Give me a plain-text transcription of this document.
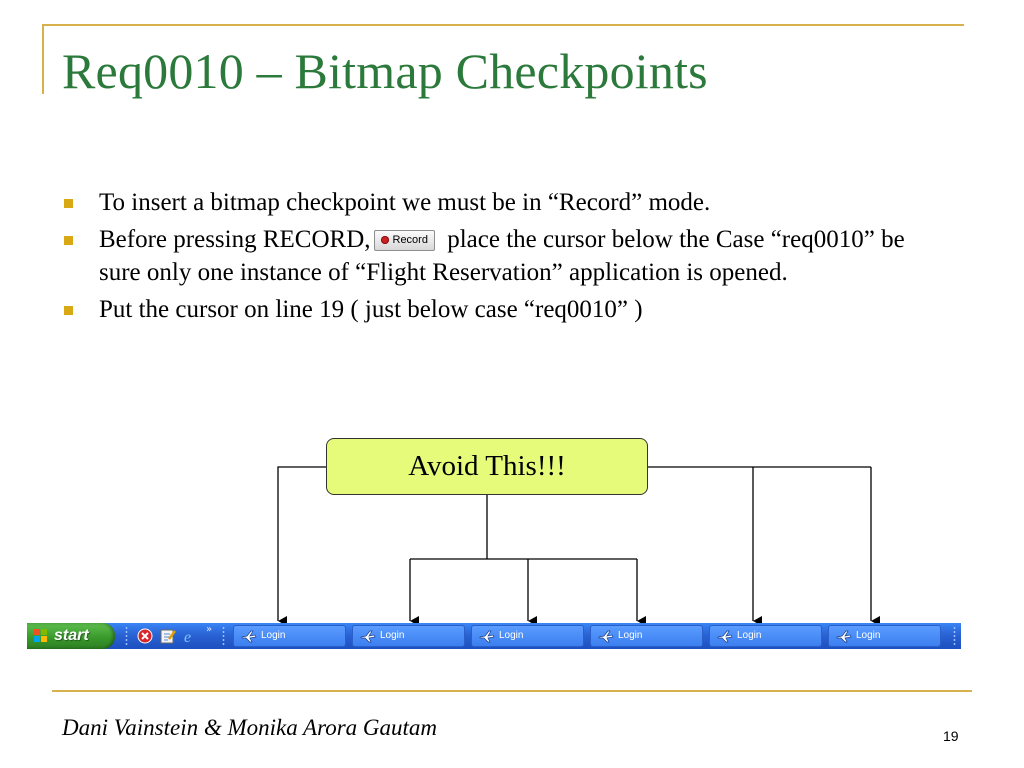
Req0010 – Bitmap Checkpoints
To insert a bitmap checkpoint we must be in “Record” mode.
Before pressing RECORD, Record place the cursor below the Case “req0010” be sure only one instance of “Flight Reservation” application is opened.
Put the cursor on line 19 ( just below case “req0010” )
Avoid This!!!
start	e »
Login	Login	Login	Login	Login	Login
Dani Vainstein & Monika Arora Gautam	19
